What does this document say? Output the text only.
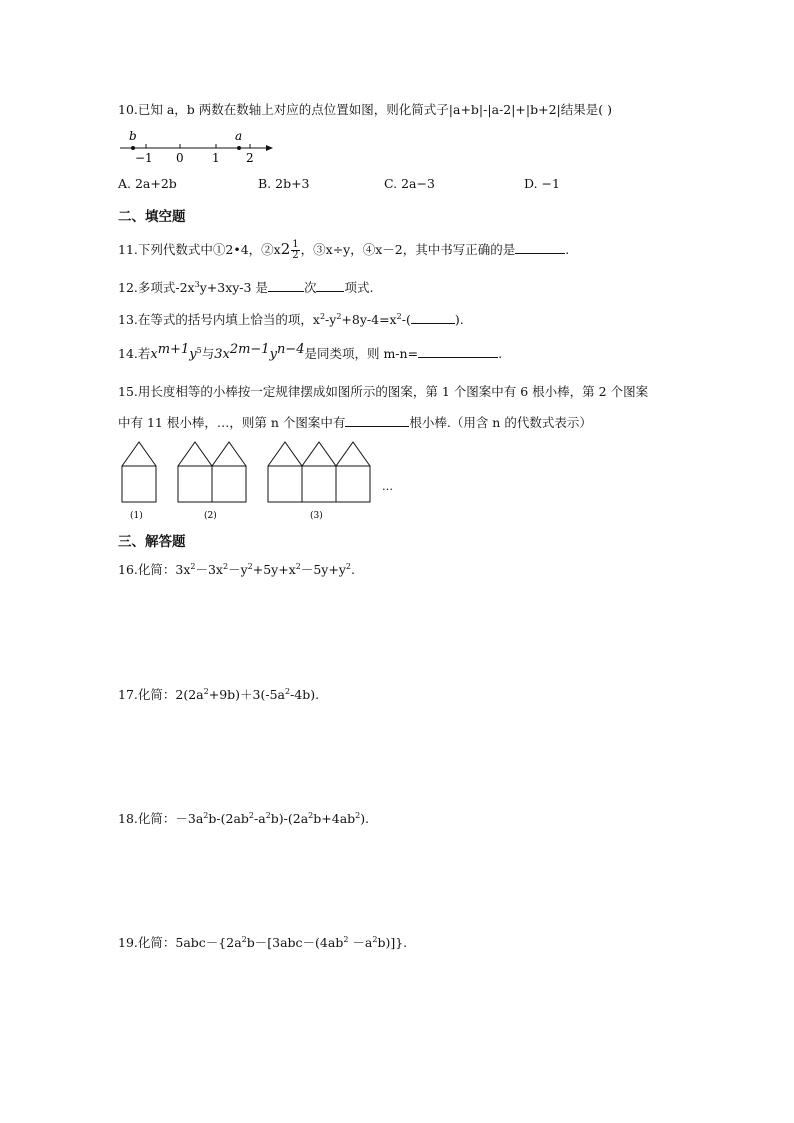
10.已知 a，b 两数在数轴上对应的点位置如图，则化简式子|a+b|-|a-2|+|b+2|结果是( )
b	a
−1 0 1 2
A. 2a+2b	B. 2b+3	C. 2a−3	D. −1
二、填空题
11.下列代数式中①2•4，②x2 $\frac{1}{2}$ ，③x÷y，④x－2，其中书写正确的是	.
12.多项式$-2x^3y+3xy-3$ 是	次 项式.
13.在等式的括号内填上恰当的项，$x^2-y^2+8y-4=x^2-$(	).
14.若$x^{m+1}y^5$与$3x^{2m-1}y^{n-4}$是同类项，则 m-n=	.
15.用长度相等的小棒按一定规律摆成如图所示的图案，第 1 个图案中有 6 根小棒，第 2 个图案
中有 11 根小棒，…，则第 n 个图案中有	根小棒.（用含 n 的代数式表示）
…
(1)	(2)	(3)
三、解答题
16.化简：$3x^2-3x^2-y^2+5y+x^2-5y+y^2$.
17.化简：$2(2a^2+9b)+3(-5a^2-4b)$.
18.化简：$-3a^2b-(2ab^2-a^2b)-(2a^2b+4ab^2)$.
19.化简：$5abc-\{2a^2b-[3abc-(4ab^2 -a^2b)]\}$.
